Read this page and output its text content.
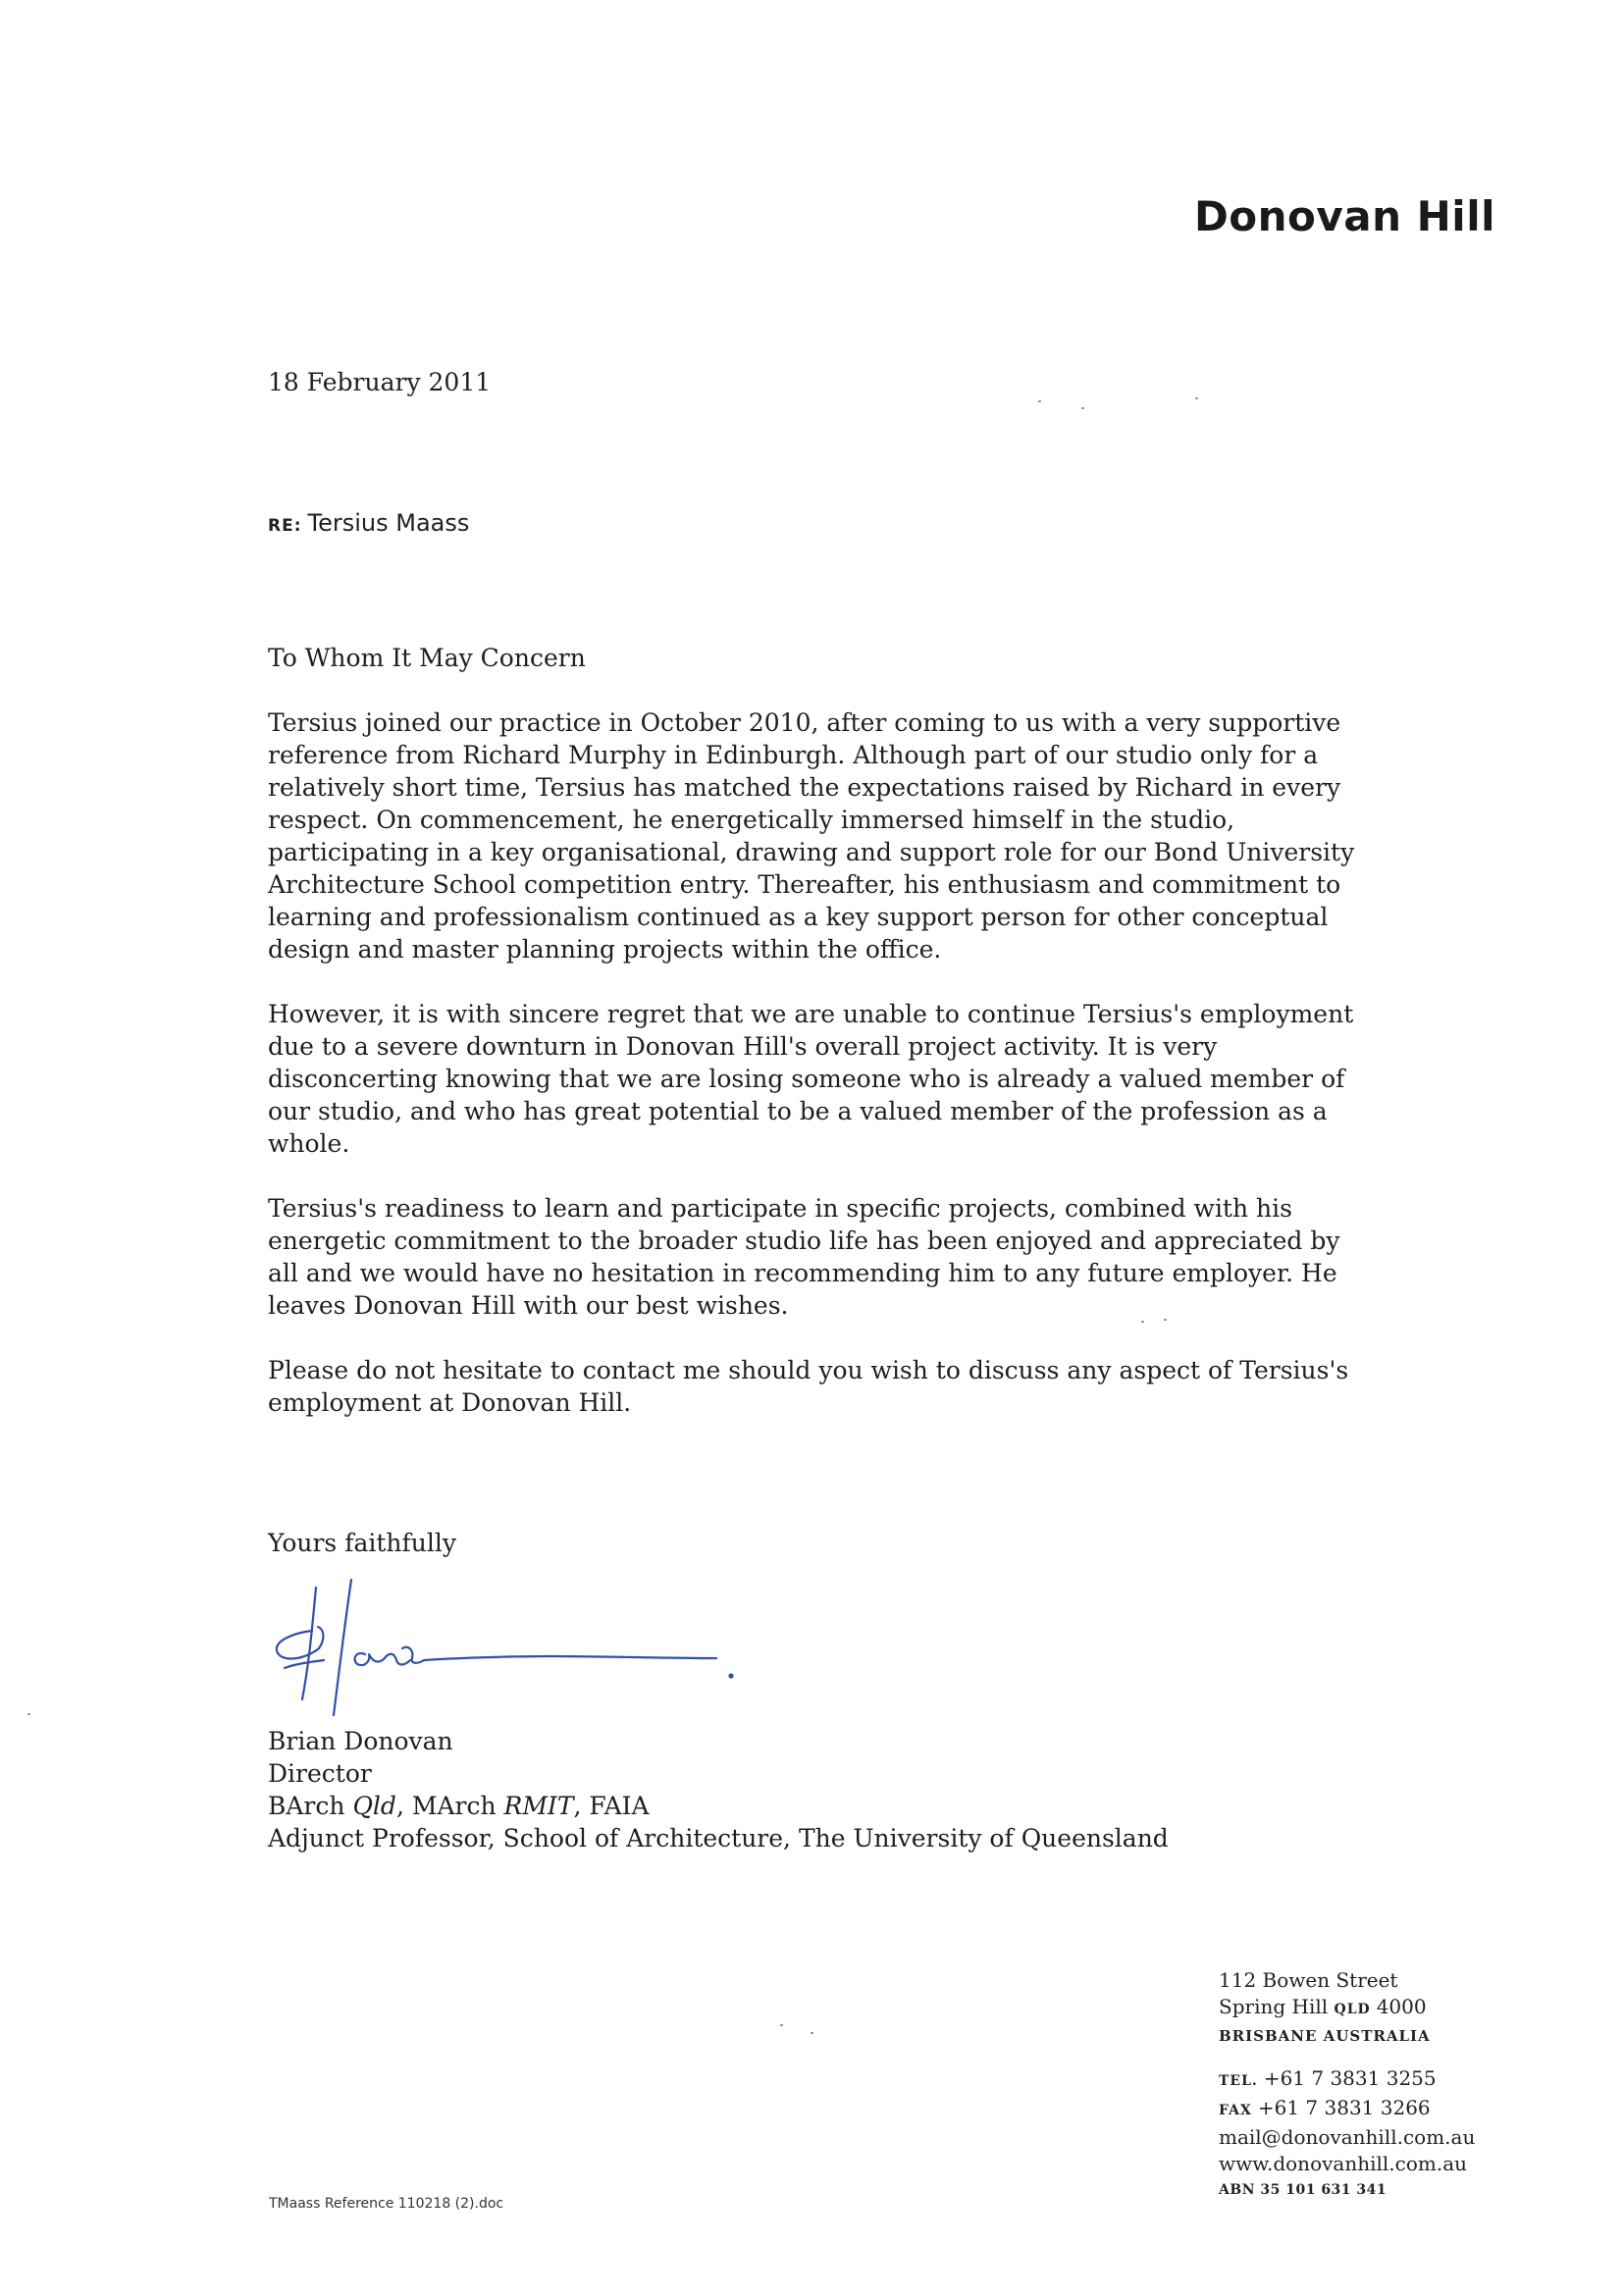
Donovan Hill
18 February 2011
RE: Tersius Maass
To Whom It May Concern

Tersius joined our practice in October 2010, after coming to us with a very supportive reference from Richard Murphy in Edinburgh. Although part of our studio only for a relatively short time, Tersius has matched the expectations raised by Richard in every respect. On commencement, he energetically immersed himself in the studio, participating in a key organisational, drawing and support role for our Bond University Architecture School competition entry. Thereafter, his enthusiasm and commitment to learning and professionalism continued as a key support person for other conceptual design and master planning projects within the office.

However, it is with sincere regret that we are unable to continue Tersius's employment due to a severe downturn in Donovan Hill's overall project activity. It is very disconcerting knowing that we are losing someone who is already a valued member of our studio, and who has great potential to be a valued member of the profession as a whole.

Tersius's readiness to learn and participate in specific projects, combined with his energetic commitment to the broader studio life has been enjoyed and appreciated by all and we would have no hesitation in recommending him to any future employer. He leaves Donovan Hill with our best wishes.

Please do not hesitate to contact me should you wish to discuss any aspect of Tersius's employment at Donovan Hill.

Yours faithfully
Brian Donovan
Director
BArch Qld, MArch RMIT, FAIA
Adjunct Professor, School of Architecture, The University of Queensland
112 Bowen Street
Spring Hill QLD 4000
BRISBANE AUSTRALIA
TEL. +61 7 3831 3255
FAX +61 7 3831 3266
mail@donovanhill.com.au
www.donovanhill.com.au
ABN 35 101 631 341
TMaass Reference 110218 (2).doc
